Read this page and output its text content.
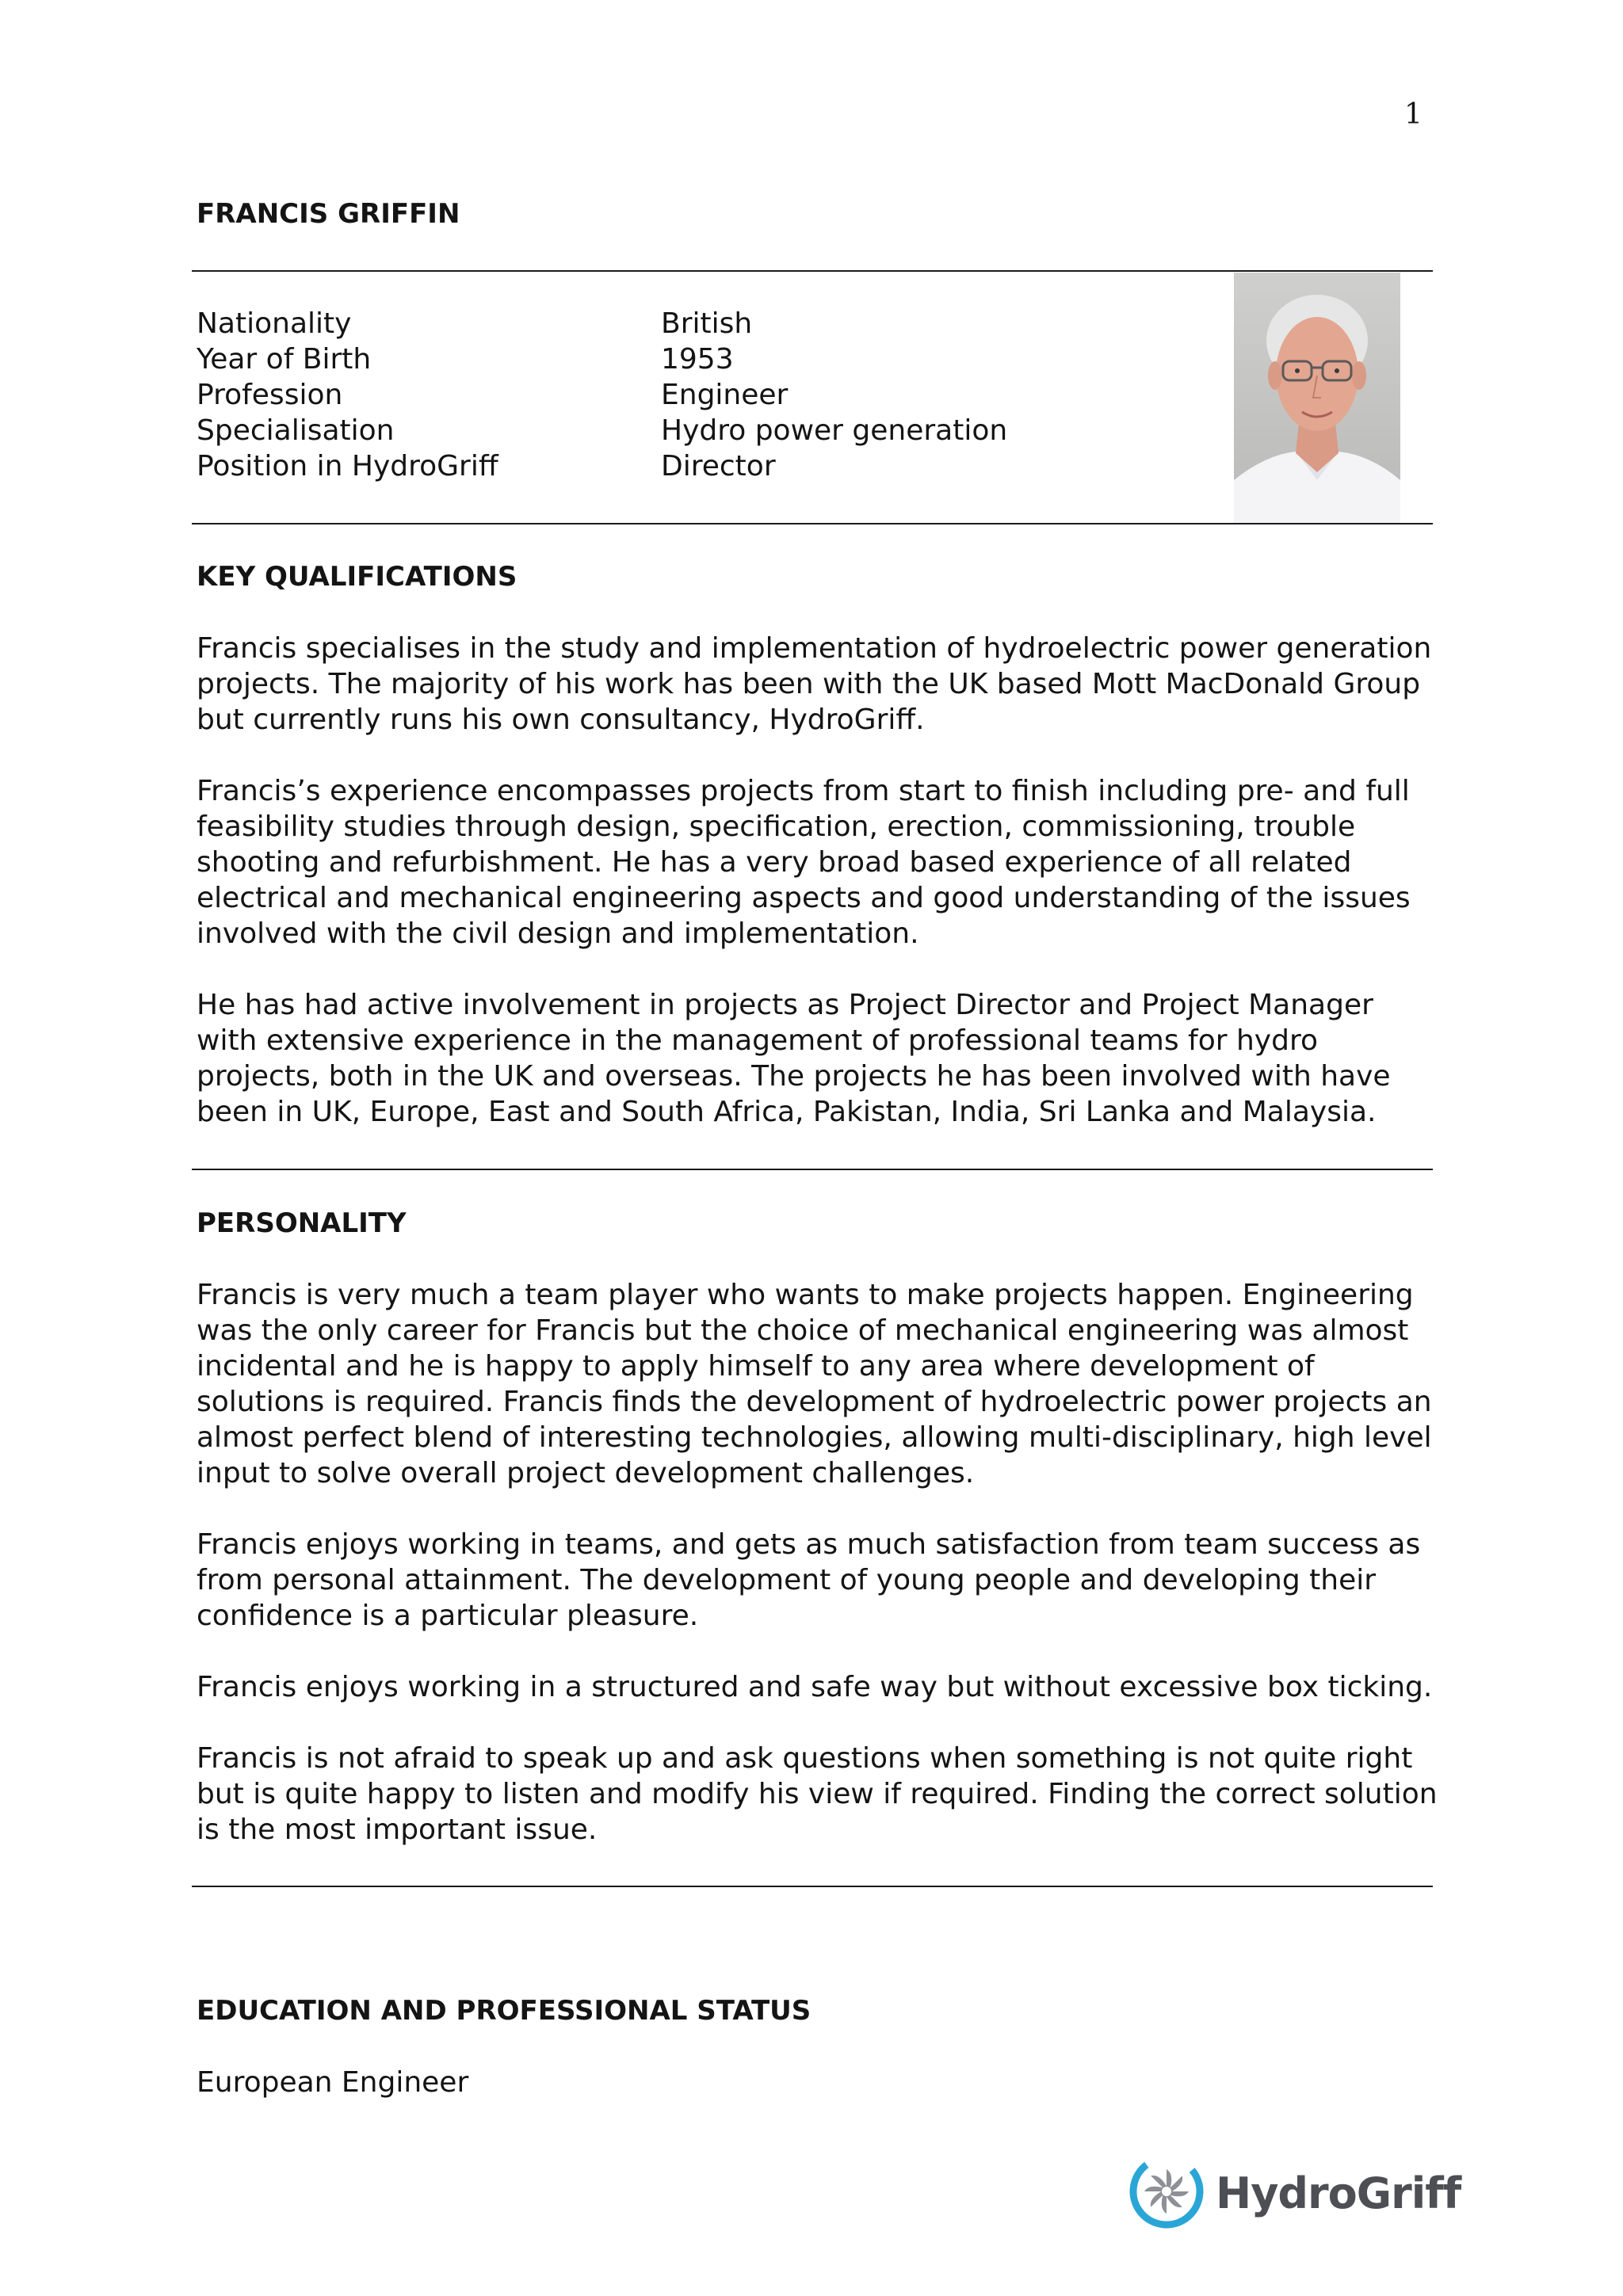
1
FRANCIS GRIFFIN
Nationality	British
Year of Birth	1953
Profession	Engineer
Specialisation	Hydro power generation
Position in HydroGriff	Director
KEY QUALIFICATIONS

Francis specialises in the study and implementation of hydroelectric power generation projects. The majority of his work has been with the UK based Mott MacDonald Group but currently runs his own consultancy, HydroGriff.

Francis’s experience encompasses projects from start to finish including pre- and full feasibility studies through design, specification, erection, commissioning, trouble shooting and refurbishment. He has a very broad based experience of all related electrical and mechanical engineering aspects and good understanding of the issues involved with the civil design and implementation.

He has had active involvement in projects as Project Director and Project Manager with extensive experience in the management of professional teams for hydro projects, both in the UK and overseas. The projects he has been involved with have been in UK, Europe, East and South Africa, Pakistan, India, Sri Lanka and Malaysia.

PERSONALITY

Francis is very much a team player who wants to make projects happen. Engineering was the only career for Francis but the choice of mechanical engineering was almost incidental and he is happy to apply himself to any area where development of solutions is required. Francis finds the development of hydroelectric power projects an almost perfect blend of interesting technologies, allowing multi-disciplinary, high level input to solve overall project development challenges.

Francis enjoys working in teams, and gets as much satisfaction from team success as from personal attainment. The development of young people and developing their confidence is a particular pleasure.

Francis enjoys working in a structured and safe way but without excessive box ticking.

Francis is not afraid to speak up and ask questions when something is not quite right but is quite happy to listen and modify his view if required. Finding the correct solution is the most important issue.

EDUCATION AND PROFESSIONAL STATUS
European Engineer
HydroGriff
